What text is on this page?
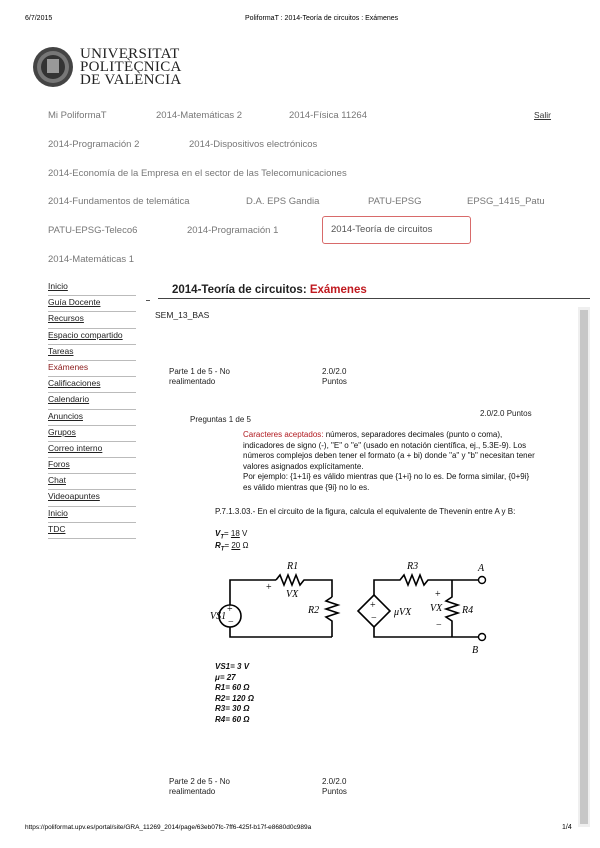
6/7/2015	PoliformaT : 2014-Teoría de circuitos : Exámenes
UNIVERSITAT
POLITÈCNICA
DE VALÈNCIA
Mi PoliformaT	2014-Matemáticas 2	2014-Física 11264	Salir
2014-Programación 2	2014-Dispositivos electrónicos
2014-Economía de la Empresa en el sector de las Telecomunicaciones
2014-Fundamentos de telemática	D.A. EPS Gandia	PATU-EPSG	EPSG_1415_Patu
PATU-EPSG-Teleco6	2014-Programación 1	2014-Teoría de circuitos
2014-Matemáticas 1
Inicio
Guía Docente
Recursos
Espacio compartido
Tareas
Exámenes
Calificaciones
Calendario
Anuncios
Grupos
Correo interno
Foros
Chat
Videoapuntes
Inicio
TDC
2014-Teoría de circuitos: Exámenes
SEM_13_BAS
Parte 1 de 5 - No
realimentado
2.0/2.0
Puntos
Preguntas 1 de 5
2.0/2.0 Puntos
Caracteres aceptados: números, separadores decimales (punto o coma), indicadores de signo (-), "E" o "e" (usado en notación científica, ej., 5.3E-9). Los números complejos deben tener el formato (a + bi) donde "a" y "b" necesitan tener valores asignados explícitamente.
Por ejemplo: {1+1i} es válido mientras que {1+i} no lo es. De forma similar, {0+9i} es válido mientras que {9i} no lo es.
P.7.1.3.03.- En el circuito de la figura, calcula el equivalente de Thevenin entre A y B:
$V_T= 18$ V
$R_T= 20$ Ω
+
−
+
−
VS1
R1
R2
R3
R4
VX
μVX VX
A
B
+
+
−
VS1= 3 V
μ= 27
R1= 60 Ω
R2= 120 Ω
R3= 30 Ω
R4= 60 Ω
Parte 2 de 5 - No
realimentado
2.0/2.0
Puntos
https://poliformat.upv.es/portal/site/GRA_11269_2014/page/63eb07fc-7ff6-425f-b17f-e8680d0c989a	1/4
